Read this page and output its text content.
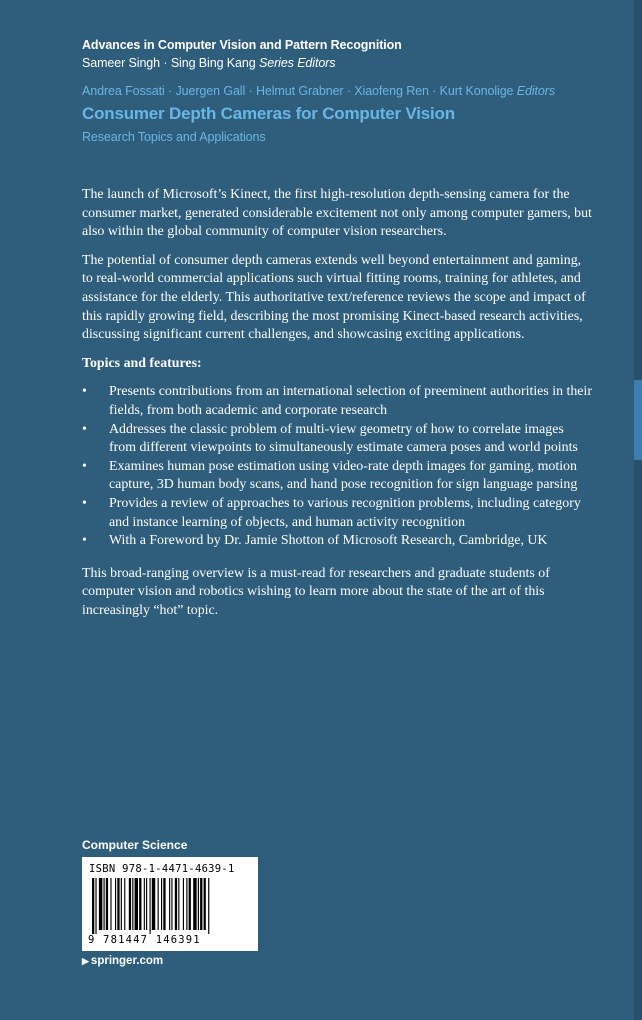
Advances in Computer Vision and Pattern Recognition
Sameer Singh · Sing Bing Kang Series Editors
Andrea Fossati · Juergen Gall · Helmut Grabner · Xiaofeng Ren · Kurt Konolige Editors
Consumer Depth Cameras for Computer Vision
Research Topics and Applications

The launch of Microsoft’s Kinect, the first high-resolution depth-sensing camera for the consumer market, generated considerable excitement not only among computer gamers, but also within the global community of computer vision researchers.

The potential of consumer depth cameras extends well beyond entertainment and gaming, to real-world commercial applications such virtual fitting rooms, training for athletes, and assistance for the elderly. This authoritative text/reference reviews the scope and impact of this rapidly growing field, describing the most promising Kinect-based research activities, discussing significant current challenges, and showcasing exciting applications.

Topics and features:

• Presents contributions from an international selection of preeminent authorities in their fields, from both academic and corporate research
• Addresses the classic problem of multi-view geometry of how to correlate images from different viewpoints to simultaneously estimate camera poses and world points
• Examines human pose estimation using video-rate depth images for gaming, motion capture, 3D human body scans, and hand pose recognition for sign language parsing
• Provides a review of approaches to various recognition problems, including category and instance learning of objects, and human activity recognition
• With a Foreword by Dr. Jamie Shotton of Microsoft Research, Cambridge, UK

This broad-ranging overview is a must-read for researchers and graduate students of computer vision and robotics wishing to learn more about the state of the art of this increasingly “hot” topic.

Computer Science
ISBN 978-1-4471-4639-1
9 781447 146391
▶ springer.com
